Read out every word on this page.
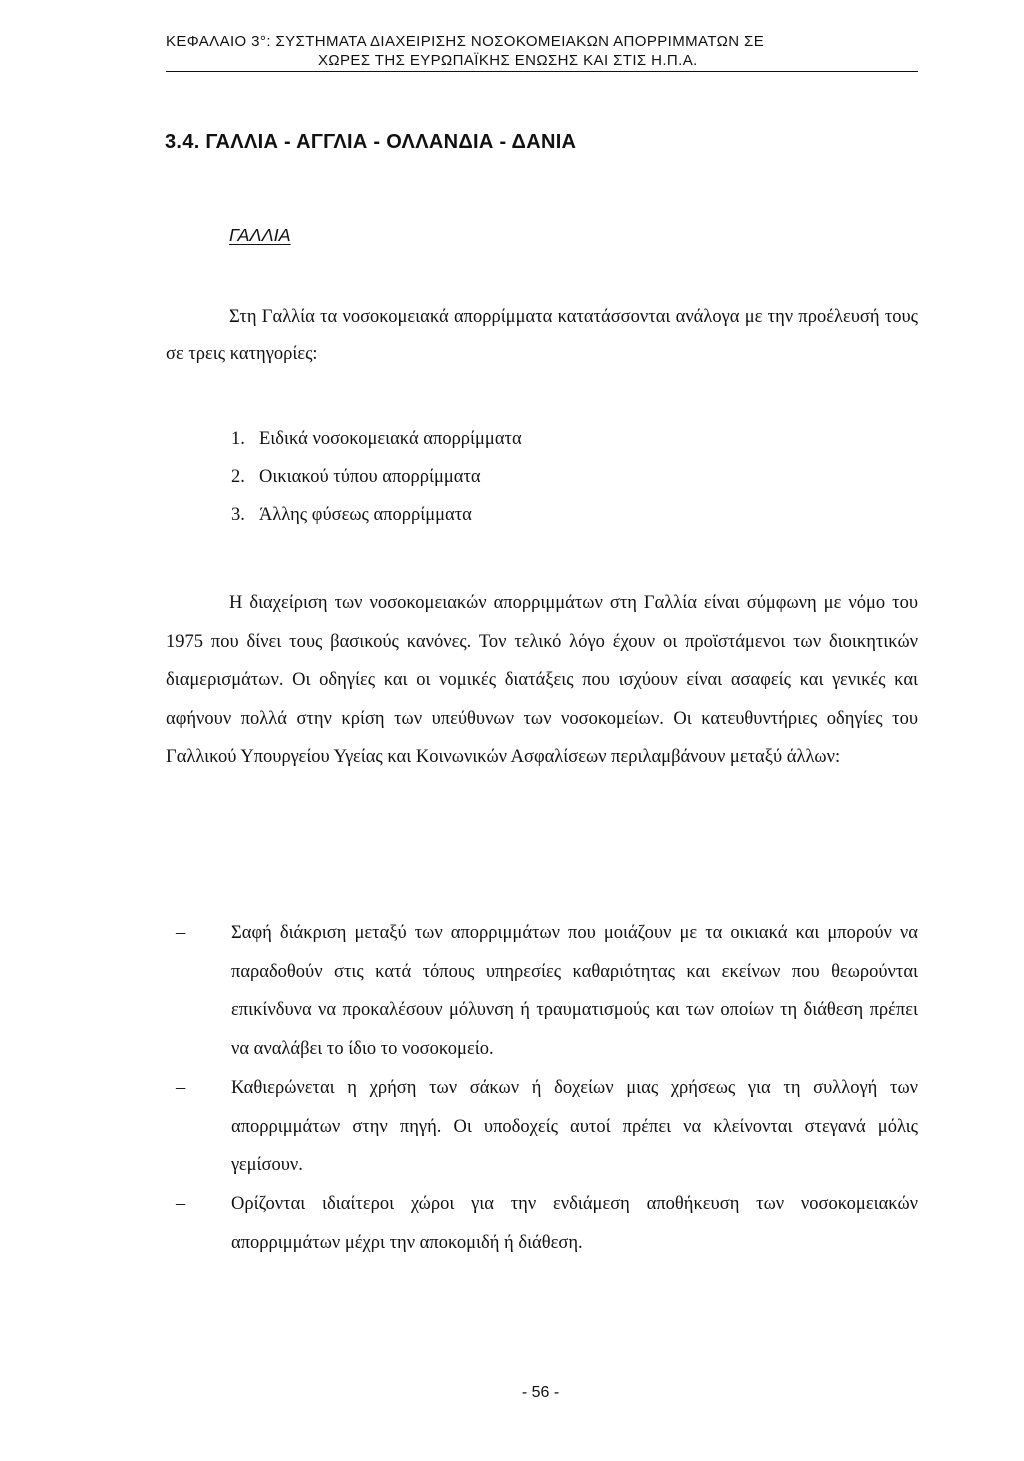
ΚΕΦΑΛΑΙΟ 3°: ΣΥΣΤΗΜΑΤΑ ΔΙΑΧΕΙΡΙΣΗΣ ΝΟΣΟΚΟΜΕΙΑΚΩΝ ΑΠΟΡΡΙΜΜΑΤΩΝ ΣΕ
ΧΩΡΕΣ ΤΗΣ ΕΥΡΩΠΑΪΚΗΣ ΕΝΩΣΗΣ ΚΑΙ ΣΤΙΣ Η.Π.Α.
3.4. ΓΑΛΛΙΑ - ΑΓΓΛΙΑ - ΟΛΛΑΝΔΙΑ - ΔΑΝΙΑ
ΓΑΛΛΙΑ

Στη Γαλλία τα νοσοκομειακά απορρίμματα κατατάσσονται ανάλογα με την προέλευσή τους σε τρεις κατηγορίες:

1. Ειδικά νοσοκομειακά απορρίμματα
2. Οικιακού τύπου απορρίμματα
3. Άλλης φύσεως απορρίμματα

Η διαχείριση των νοσοκομειακών απορριμμάτων στη Γαλλία είναι σύμφωνη με νόμο του 1975 που δίνει τους βασικούς κανόνες. Τον τελικό λόγο έχουν οι προϊστάμενοι των διοικητικών διαμερισμάτων. Οι οδηγίες και οι νομικές διατάξεις που ισχύουν είναι ασαφείς και γενικές και αφήνουν πολλά στην κρίση των υπεύθυνων των νοσοκομείων. Οι κατευθυντήριες οδηγίες του Γαλλικού Υπουργείου Υγείας και Κοινωνικών Ασφαλίσεων περιλαμβάνουν μεταξύ άλλων:

– Σαφή διάκριση μεταξύ των απορριμμάτων που μοιάζουν με τα οικιακά και μπορούν να παραδοθούν στις κατά τόπους υπηρεσίες καθαριότητας και εκείνων που θεωρούνται επικίνδυνα να προκαλέσουν μόλυνση ή τραυματισμούς και των οποίων τη διάθεση πρέπει να αναλάβει το ίδιο το νοσοκομείο.
– Καθιερώνεται η χρήση των σάκων ή δοχείων μιας χρήσεως για τη συλλογή των απορριμμάτων στην πηγή. Οι υποδοχείς αυτοί πρέπει να κλείνονται στεγανά μόλις γεμίσουν.
– Ορίζονται ιδιαίτεροι χώροι για την ενδιάμεση αποθήκευση των νοσοκομειακών απορριμμάτων μέχρι την αποκομιδή ή διάθεση.
- 56 -
